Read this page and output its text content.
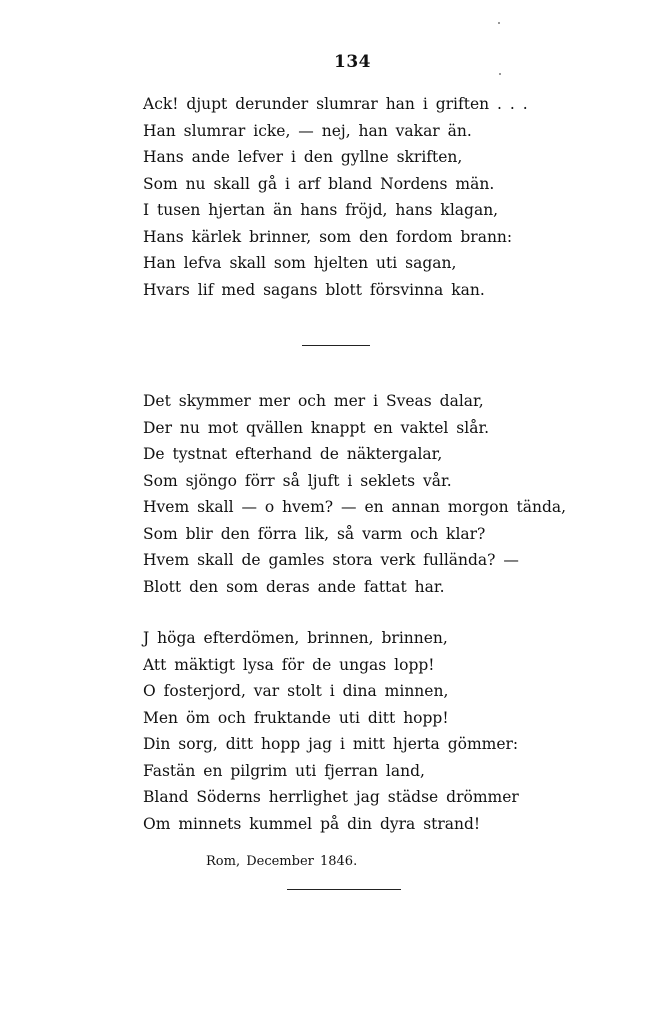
134
Ack! djupt derunder slumrar han i griften . . .
Han slumrar icke, — nej, han vakar än.
Hans ande lefver i den gyllne skriften,
Som nu skall gå i arf bland Nordens män.
I tusen hjertan än hans fröjd, hans klagan,
Hans kärlek brinner, som den fordom brann:
Han lefva skall som hjelten uti sagan,
Hvars lif med sagans blott försvinna kan.
Det skymmer mer och mer i Sveas dalar,
Der nu mot qvällen knappt en vaktel slår.
De tystnat efterhand de näktergalar,
Som sjöngo förr så ljuft i seklets vår.
Hvem skall — o hvem? — en annan morgon tända,
Som blir den förra lik, så varm och klar?
Hvem skall de gamles stora verk fullända? —
Blott den som deras ande fattat har.
J höga efterdömen, brinnen, brinnen,
Att mäktigt lysa för de ungas lopp!
O fosterjord, var stolt i dina minnen,
Men öm och fruktande uti ditt hopp!
Din sorg, ditt hopp jag i mitt hjerta gömmer:
Fastän en pilgrim uti fjerran land,
Bland Söderns herrlighet jag städse drömmer
Om minnets kummel på din dyra strand!
Rom, December 1846.
